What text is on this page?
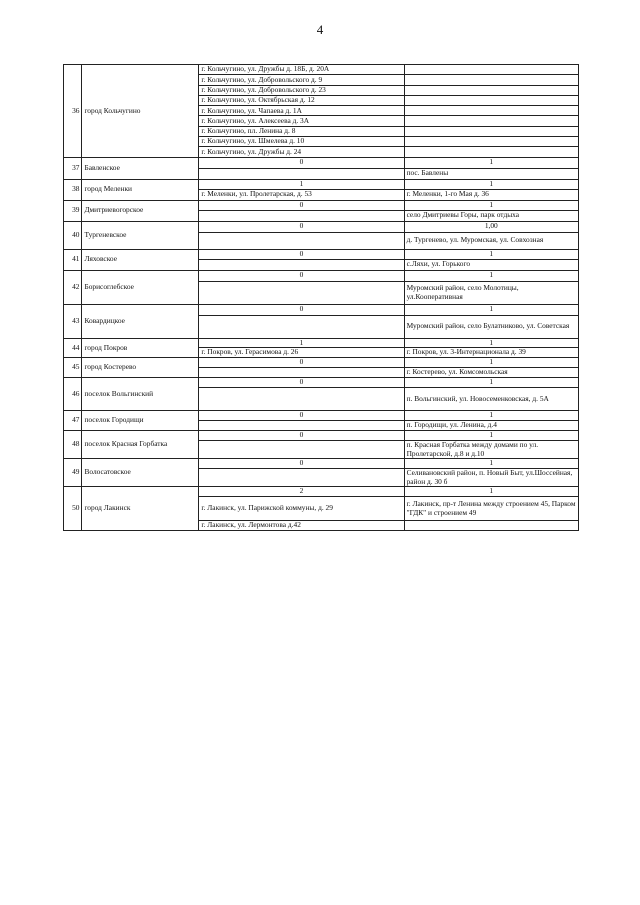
4
36	город Кольчугино	г. Кольчугино, ул. Дружбы д. 18Б, д. 20А	
		г. Кольчугино, ул. Добровольского д. 9	
		г. Кольчугино, ул. Добровольского д. 23	
		г. Кольчугино, ул. Октябрьская д. 12	
		г. Кольчугино, ул. Чапаева д. 1А	
		г. Кольчугино, ул. Алексеева д. 3А	
		г. Кольчугино, пл. Ленина д. 8	
		г. Кольчугино, ул. Шмелева д. 10	
		г. Кольчугино, ул. Дружбы д. 24	
37	Бавленское	0	1
			пос. Бавлены
38	город Меленки	1	1
		г. Меленки, ул. Пролетарская, д. 53	г. Меленки, 1-го Мая д. 36
39	Дмитриевогорское	0	1
			село Дмитриевы Горы, парк отдыха
40	Тургеневское	0	1,00
			д. Тургенево, ул. Муромская, ул. Совхозная
41	Ляховское	0	1
			с.Ляхи, ул. Горького
42	Борисоглебское	0	1
			Муромский район, село Молотицы, ул.Кооперативная
43	Ковардицкое	0	1
			Муромский район, село Булатниково, ул. Советская
44	город Покров	1	1
		г. Покров, ул. Герасимова д. 26	г. Покров, ул. 3-Интернационала д. 39
45	город Костерево	0	1
			г. Костерево, ул. Комсомольская
46	поселок Вольгинский	0	1
			п. Вольгинский, ул. Новосеменковская, д. 5А
47	поселок Городищи	0	1
			п. Городищи, ул. Ленина, д.4
48	поселок Красная Горбатка	0	1
			п. Красная Горбатка между домами по ул. Пролетарской, д.8 и д.10
49	Волосатовское	0	1
			Селивановский район, п. Новый Быт, ул.Шоссейная, район д. 30 б
50	город Лакинск	2	1
		г. Лакинск, ул. Парижской коммуны, д. 29	г. Лакинск, пр-т Ленина между строением 45, Парком "ГДК" и строением 49
		г. Лакинск, ул. Лермонтова д.42	
